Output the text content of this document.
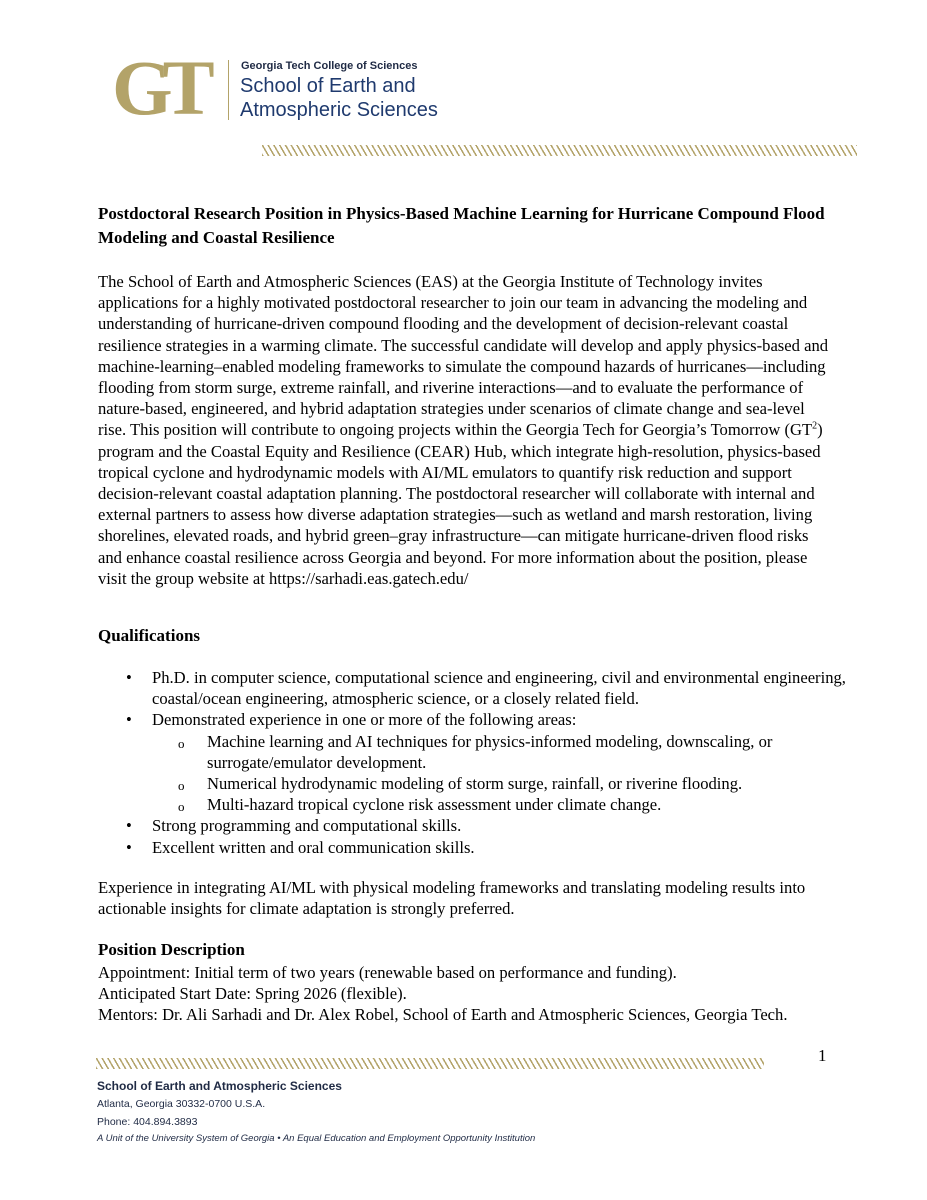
GT	Georgia Tech College of Sciences
School of Earth and
Atmospheric Sciences
Postdoctoral Research Position in Physics-Based Machine Learning for Hurricane Compound Flood Modeling and Coastal Resilience
The School of Earth and Atmospheric Sciences (EAS) at the Georgia Institute of Technology invites applications for a highly motivated postdoctoral researcher to join our team in advancing the modeling and understanding of hurricane-driven compound flooding and the development of decision-relevant coastal resilience strategies in a warming climate. The successful candidate will develop and apply physics-based and machine-learning–enabled modeling frameworks to simulate the compound hazards of hurricanes—including flooding from storm surge, extreme rainfall, and riverine interactions—and to evaluate the performance of nature-based, engineered, and hybrid adaptation strategies under scenarios of climate change and sea-level rise. This position will contribute to ongoing projects within the Georgia Tech for Georgia’s Tomorrow $(GT^2)$ program and the Coastal Equity and Resilience (CEAR) Hub, which integrate high-resolution, physics-based tropical cyclone and hydrodynamic models with AI/ML emulators to quantify risk reduction and support decision-relevant coastal adaptation planning. The postdoctoral researcher will collaborate with internal and external partners to assess how diverse adaptation strategies—such as wetland and marsh restoration, living shorelines, elevated roads, and hybrid green–gray infrastructure—can mitigate hurricane-driven flood risks and enhance coastal resilience across Georgia and beyond. For more information about the position, please visit the group website at https://sarhadi.eas.gatech.edu/
Qualifications
• Ph.D. in computer science, computational science and engineering, civil and environmental engineering, coastal/ocean engineering, atmospheric science, or a closely related field.
• Demonstrated experience in one or more of the following areas:
o Machine learning and AI techniques for physics-informed modeling, downscaling, or surrogate/emulator development.
o Numerical hydrodynamic modeling of storm surge, rainfall, or riverine flooding.
o Multi-hazard tropical cyclone risk assessment under climate change.
• Strong programming and computational skills.
• Excellent written and oral communication skills.
Experience in integrating AI/ML with physical modeling frameworks and translating modeling results into actionable insights for climate adaptation is strongly preferred.
Position Description
Appointment: Initial term of two years (renewable based on performance and funding).
Anticipated Start Date: Spring 2026 (flexible).
Mentors: Dr. Ali Sarhadi and Dr. Alex Robel, School of Earth and Atmospheric Sciences, Georgia Tech.
1
School of Earth and Atmospheric Sciences
Atlanta, Georgia 30332-0700 U.S.A.
Phone: 404.894.3893
A Unit of the University System of Georgia • An Equal Education and Employment Opportunity Institution
